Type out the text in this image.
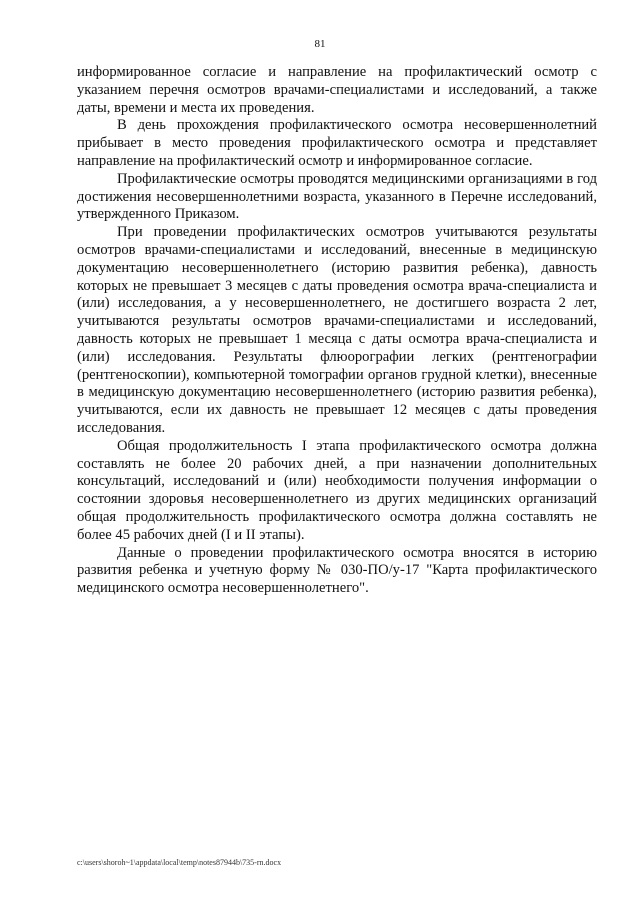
81

информированное согласие и направление на профилактический осмотр с указанием перечня осмотров врачами-специалистами и исследований, а также даты, времени и места их проведения.

В день прохождения профилактического осмотра несовершеннолетний прибывает в место проведения профилактического осмотра и представляет направление на профилактический осмотр и информированное согласие.

Профилактические осмотры проводятся медицинскими организациями в год достижения несовершеннолетними возраста, указанного в Перечне исследований, утвержденного Приказом.

При проведении профилактических осмотров учитываются результаты осмотров врачами-специалистами и исследований, внесенные в медицинскую документацию несовершеннолетнего (историю развития ребенка), давность которых не превышает 3 месяцев с даты проведения осмотра врача-специалиста и (или) исследования, а у несовершеннолетнего, не достигшего возраста 2 лет, учитываются результаты осмотров врачами-специалистами и исследований, давность которых не превышает 1 месяца с даты осмотра врача-специалиста и (или) исследования. Результаты флюорографии легких (рентгенографии (рентгеноскопии), компьютерной томографии органов грудной клетки), внесенные в медицинскую документацию несовершеннолетнего (историю развития ребенка), учитываются, если их давность не превышает 12 месяцев с даты проведения исследования.

Общая продолжительность I этапа профилактического осмотра должна составлять не более 20 рабочих дней, а при назначении дополнительных консультаций, исследований и (или) необходимости получения информации о состоянии здоровья несовершеннолетнего из других медицинских организаций общая продолжительность профилактического осмотра должна составлять не более 45 рабочих дней (I и II этапы).

Данные о проведении профилактического осмотра вносятся в историю развития ребенка и учетную форму № 030-ПО/у-17 "Карта профилактического медицинского осмотра несовершеннолетнего".

c:\users\shoroh~1\appdata\local\temp\notes87944b\735-rn.docx
